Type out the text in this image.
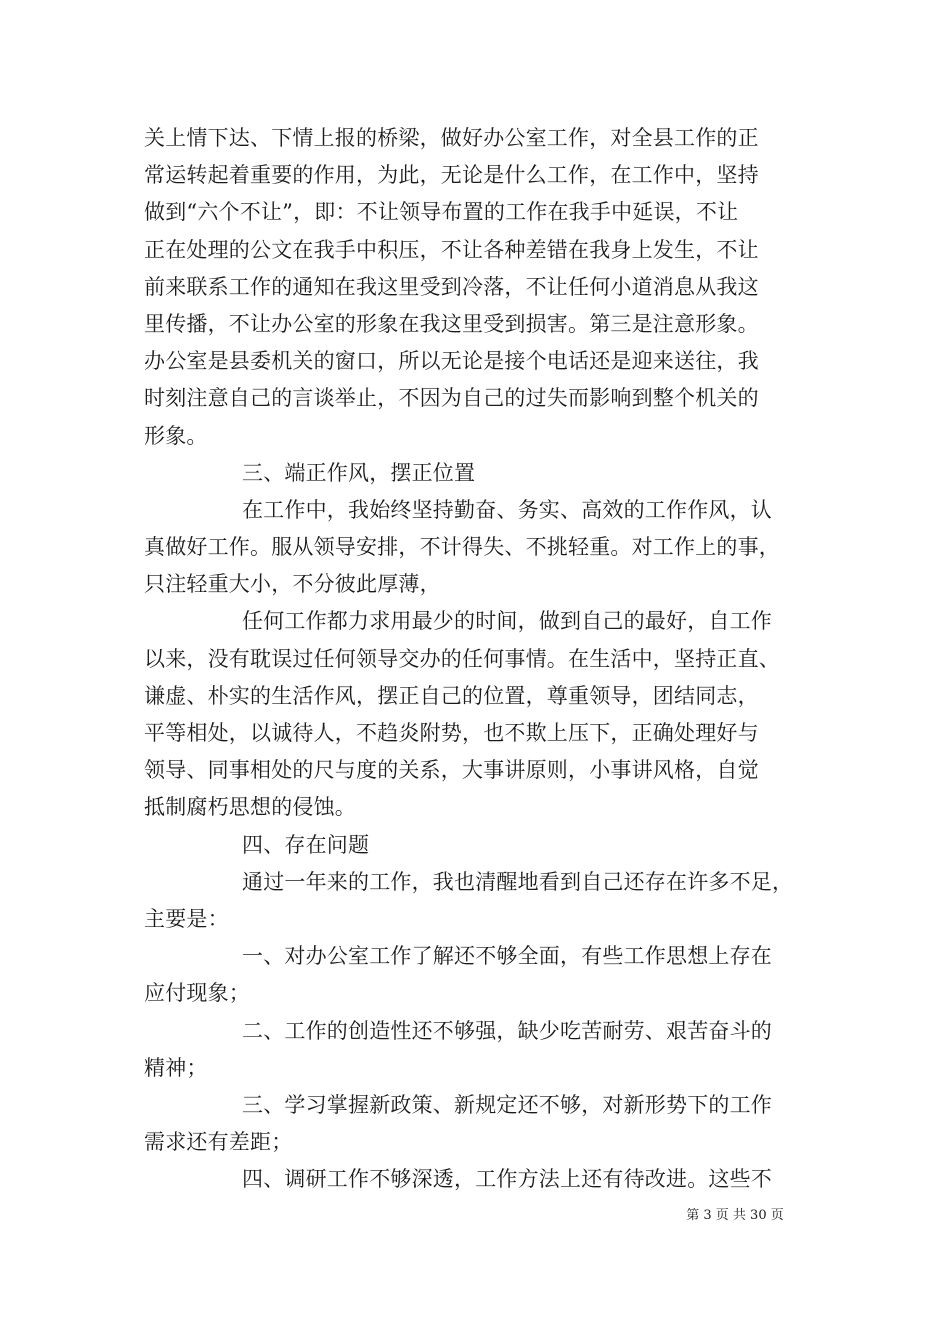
关上情下达、下情上报的桥梁，做好办公室工作，对全县工作的正
常运转起着重要的作用，为此，无论是什么工作，在工作中，坚持
做到“六个不让”，即：不让领导布置的工作在我手中延误，不让
正在处理的公文在我手中积压，不让各种差错在我身上发生，不让
前来联系工作的通知在我这里受到冷落，不让任何小道消息从我这
里传播，不让办公室的形象在我这里受到损害。第三是注意形象。
办公室是县委机关的窗口，所以无论是接个电话还是迎来送往，我
时刻注意自己的言谈举止，不因为自己的过失而影响到整个机关的
形象。
三、端正作风，摆正位置
在工作中，我始终坚持勤奋、务实、高效的工作作风，认
真做好工作。服从领导安排，不计得失、不挑轻重。对工作上的事，
只注轻重大小，不分彼此厚薄，
任何工作都力求用最少的时间，做到自己的最好，自工作
以来，没有耽误过任何领导交办的任何事情。在生活中，坚持正直、
谦虚、朴实的生活作风，摆正自己的位置，尊重领导，团结同志，
平等相处，以诚待人，不趋炎附势，也不欺上压下，正确处理好与
领导、同事相处的尺与度的关系，大事讲原则，小事讲风格，自觉
抵制腐朽思想的侵蚀。
四、存在问题
通过一年来的工作，我也清醒地看到自己还存在许多不足，
主要是：
一、对办公室工作了解还不够全面，有些工作思想上存在
应付现象；
二、工作的创造性还不够强，缺少吃苦耐劳、艰苦奋斗的
精神；
三、学习掌握新政策、新规定还不够，对新形势下的工作
需求还有差距；
四、调研工作不够深透，工作方法上还有待改进。这些不
第 3 页 共 30 页
